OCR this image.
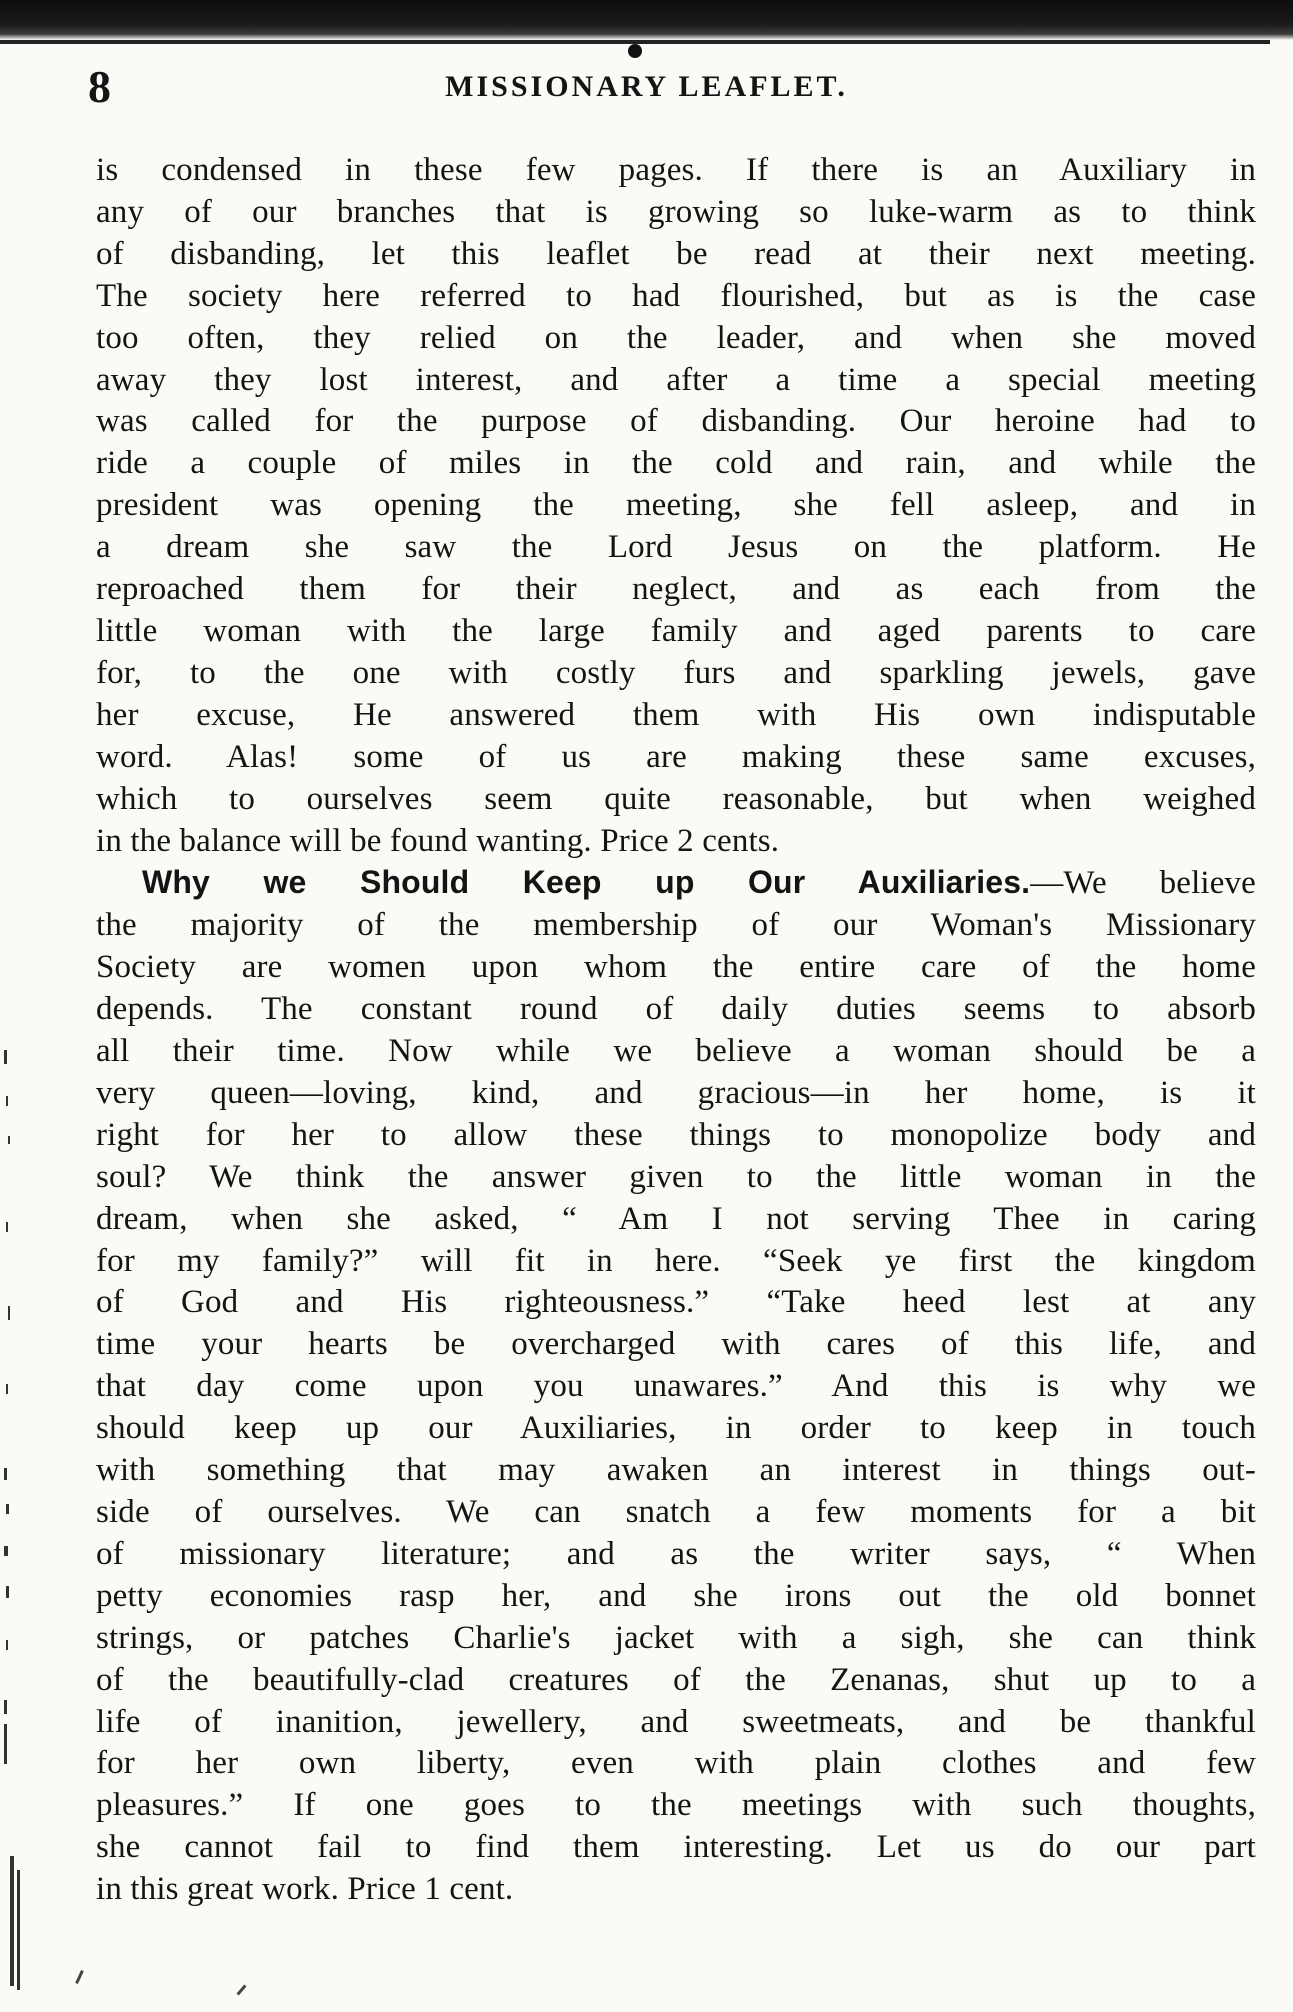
8	MISSIONARY LEAFLET.
is condensed in these few pages. If there is an Auxiliary in
any of our branches that is growing so luke-warm as to think
of disbanding, let this leaflet be read at their next meeting.
The society here referred to had flourished, but as is the case
too often, they relied on the leader, and when she moved
away they lost interest, and after a time a special meeting
was called for the purpose of disbanding. Our heroine had to
ride a couple of miles in the cold and rain, and while the
president was opening the meeting, she fell asleep, and in
a dream she saw the Lord Jesus on the platform. He
reproached them for their neglect, and as each from the
little woman with the large family and aged parents to care
for, to the one with costly furs and sparkling jewels, gave
her excuse, He answered them with His own indisputable
word. Alas! some of us are making these same excuses,
which to ourselves seem quite reasonable, but when weighed
in the balance will be found wanting. Price 2 cents.
Why we Should Keep up Our Auxiliaries.—We believe
the majority of the membership of our Woman's Missionary
Society are women upon whom the entire care of the home
depends. The constant round of daily duties seems to absorb
all their time. Now while we believe a woman should be a
very queen—loving, kind, and gracious—in her home, is it
right for her to allow these things to monopolize body and
soul? We think the answer given to the little woman in the
dream, when she asked, “ Am I not serving Thee in caring
for my family?” will fit in here. “Seek ye first the kingdom
of God and His righteousness.” “Take heed lest at any
time your hearts be overcharged with cares of this life, and
that day come upon you unawares.” And this is why we
should keep up our Auxiliaries, in order to keep in touch
with something that may awaken an interest in things out-
side of ourselves. We can snatch a few moments for a bit
of missionary literature; and as the writer says, “ When
petty economies rasp her, and she irons out the old bonnet
strings, or patches Charlie's jacket with a sigh, she can think
of the beautifully-clad creatures of the Zenanas, shut up to a
life of inanition, jewellery, and sweetmeats, and be thankful
for her own liberty, even with plain clothes and few
pleasures.” If one goes to the meetings with such thoughts,
she cannot fail to find them interesting. Let us do our part
in this great work. Price 1 cent.
